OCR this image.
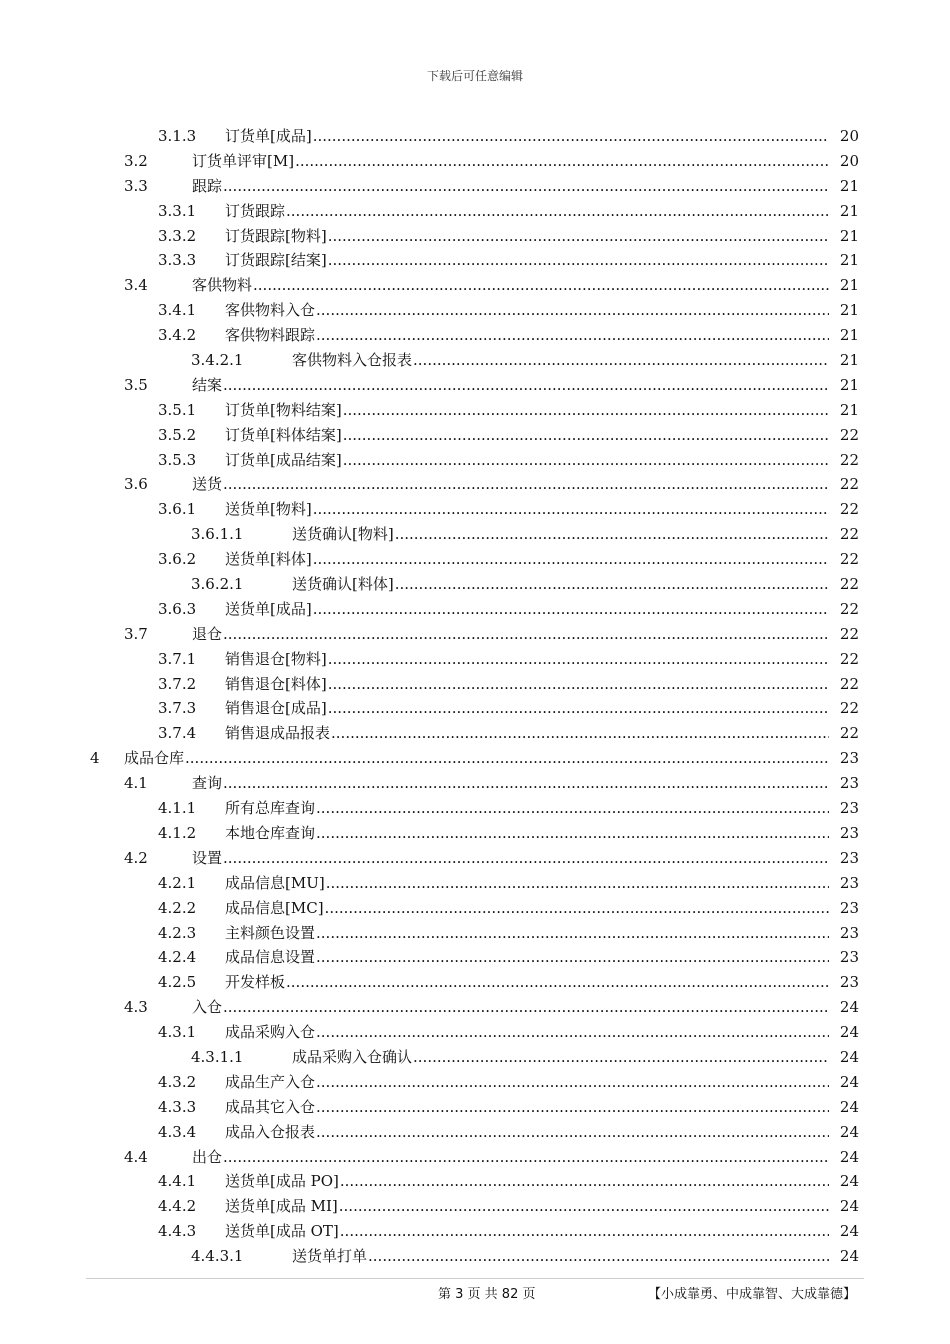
下载后可任意编辑
3.1.3 订货单[成品] .....	20
3.2	订货单评审[M] .....	20
3.3	跟踪 .....	21
3.3.1 订货跟踪 .....	21
3.3.2 订货跟踪[物料] .....	21
3.3.3 订货跟踪[结案] .....	21
3.4	客供物料 .....	21
3.4.1 客供物料入仓 .....	21
3.4.2 客供物料跟踪 .....	21
3.4.2.1	客供物料入仓报表 .....	21
3.5	结案 .....	21
3.5.1 订货单[物料结案] .....	21
3.5.2 订货单[料体结案] .....	22
3.5.3 订货单[成品结案] .....	22
3.6	送货 .....	22
3.6.1 送货单[物料] .....	22
3.6.1.1	送货确认[物料] .....	22
3.6.2 送货单[料体] .....	22
3.6.2.1	送货确认[料体] .....	22
3.6.3 送货单[成品] .....	22
3.7	退仓 .....	22
3.7.1 销售退仓[物料] .....	22
3.7.2 销售退仓[料体] .....	22
3.7.3 销售退仓[成品] .....	22
3.7.4 销售退成品报表 .....	22
4 成品仓库 .....	23
4.1	查询 .....	23
4.1.1 所有总库查询 .....	23
4.1.2 本地仓库查询 .....	23
4.2	设置 .....	23
4.2.1 成品信息[MU] .....	23
4.2.2 成品信息[MC] .....	23
4.2.3 主料颜色设置 .....	23
4.2.4 成品信息设置 .....	23
4.2.5 开发样板 .....	23
4.3	入仓 .....	24
4.3.1 成品采购入仓 .....	24
4.3.1.1	成品采购入仓确认 .....	24
4.3.2 成品生产入仓 .....	24
4.3.3 成品其它入仓 .....	24
4.3.4 成品入仓报表 .....	24
4.4	出仓 .....	24
4.4.1 送货单[成品 PO] .....	24
4.4.2 送货单[成品 MI] .....	24
4.4.3 送货单[成品 OT] .....	24
4.4.3.1	送货单打单 .....	24
第 3 页 共 82 页	【小成靠勇、中成靠智、大成靠德】
